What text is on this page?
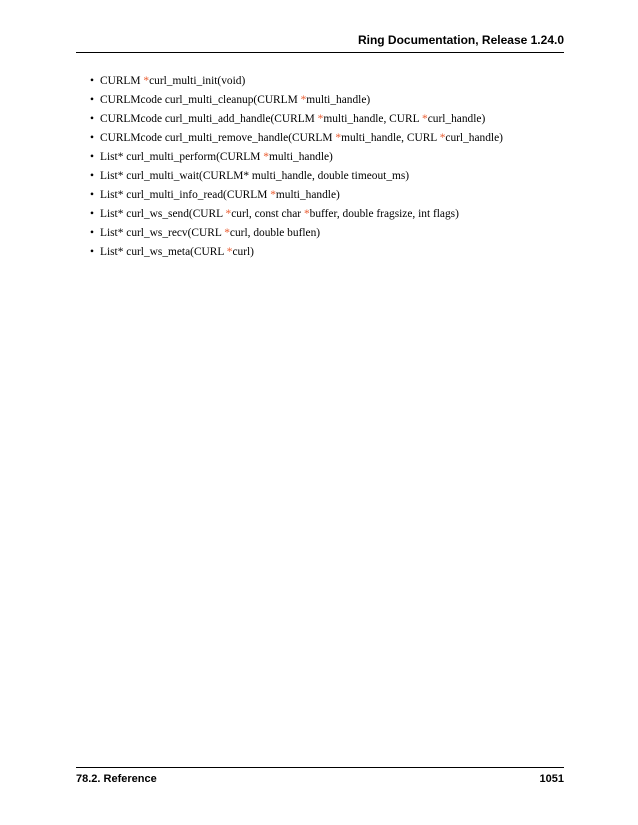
Ring Documentation, Release 1.24.0
• CURLM *curl_multi_init(void)
• CURLMcode curl_multi_cleanup(CURLM *multi_handle)
• CURLMcode curl_multi_add_handle(CURLM *multi_handle, CURL *curl_handle)
• CURLMcode curl_multi_remove_handle(CURLM *multi_handle, CURL *curl_handle)
• List* curl_multi_perform(CURLM *multi_handle)
• List* curl_multi_wait(CURLM* multi_handle, double timeout_ms)
• List* curl_multi_info_read(CURLM *multi_handle)
• List* curl_ws_send(CURL *curl, const char *buffer, double fragsize, int flags)
• List* curl_ws_recv(CURL *curl, double buflen)
• List* curl_ws_meta(CURL *curl)
78.2. Reference	1051
